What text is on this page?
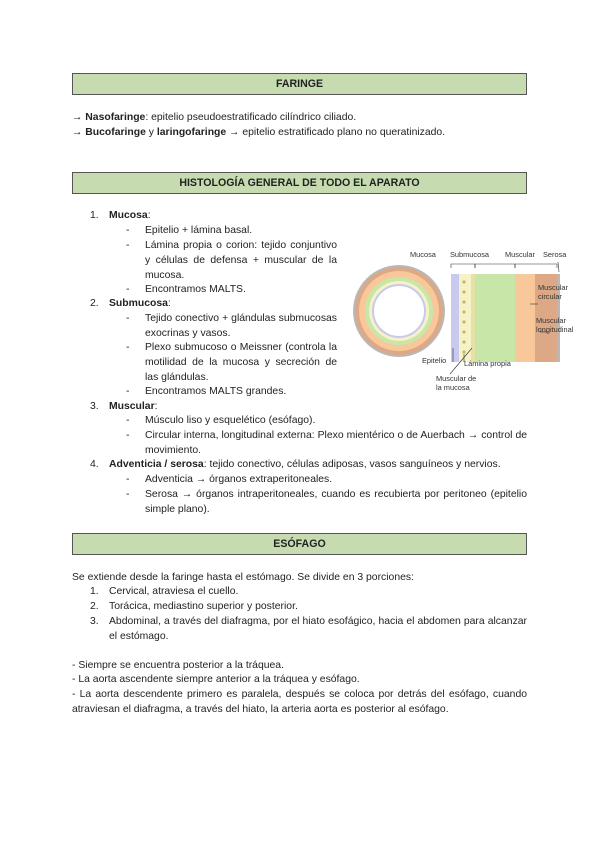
FARINGE
→ Nasofaringe: epitelio pseudoestratificado cilíndrico ciliado.
→ Bucofaringe y laringofaringe → epitelio estratificado plano no queratinizado.
HISTOLOGÍA GENERAL DE TODO EL APARATO
1. Mucosa:
- Epitelio + lámina basal.
- Lámina propia o corion: tejido conjuntivo y células de defensa + muscular de la mucosa.
- Encontramos MALTS.
2. Submucosa:
- Tejido conectivo + glándulas submucosas exocrinas y vasos.
- Plexo submucoso o Meissner (controla la motilidad de la mucosa y secreción de las glándulas.
- Encontramos MALTS grandes.
3. Muscular:
- Músculo liso y esquelético (esófago).
- Circular interna, longitudinal externa: Plexo mientérico o de Auerbach → control de movimiento.
4. Adventicia / serosa: tejido conectivo, células adiposas, vasos sanguíneos y nervios.
- Adventicia → órganos extraperitoneales.
- Serosa → órganos intraperitoneales, cuando es recubierta por peritoneo (epitelio simple plano).
Mucosa Submucosa Muscular Serosa
Muscular circular
Muscular longitudinal
Epitelio Lámina propia
Muscular de la mucosa
ESÓFAGO
Se extiende desde la faringe hasta el estómago. Se divide en 3 porciones:
1. Cervical, atraviesa el cuello.
2. Torácica, mediastino superior y posterior.
3. Abdominal, a través del diafragma, por el hiato esofágico, hacia el abdomen para alcanzar el estómago.
- Siempre se encuentra posterior a la tráquea.
- La aorta ascendente siempre anterior a la tráquea y esófago.
- La aorta descendente primero es paralela, después se coloca por detrás del esófago, cuando atraviesan el diafragma, a través del hiato, la arteria aorta es posterior al esófago.
